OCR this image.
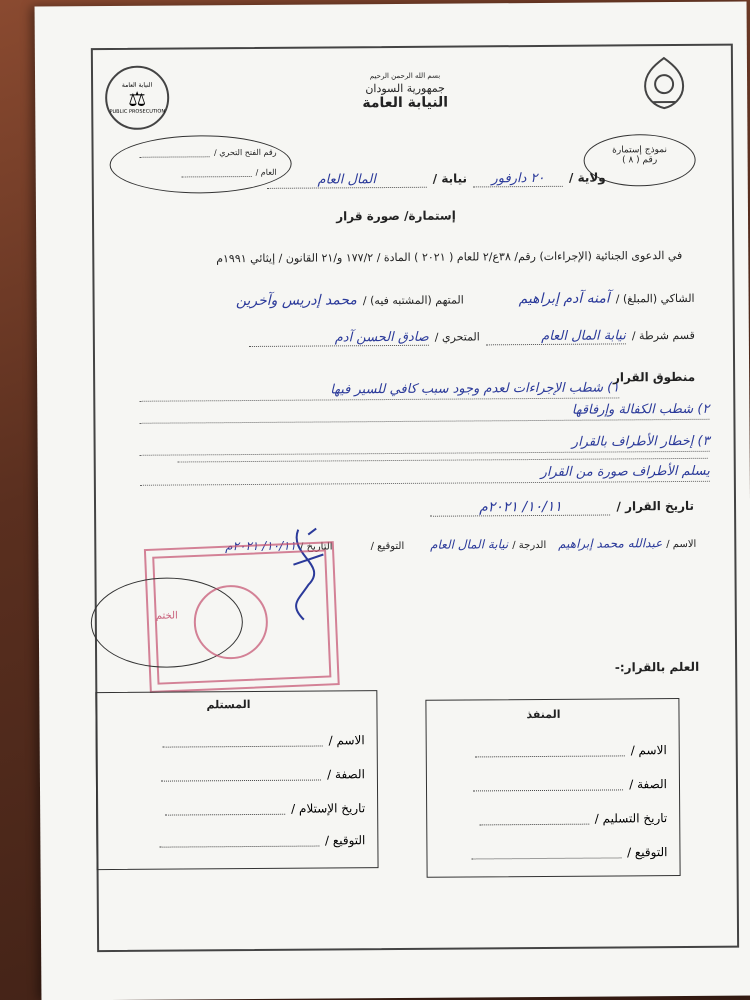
النيابة العامة
⚖
PUBLIC PROSECUTION
بسم الله الرحمن الرحيم
جمهورية السودان
النيابة العامة
رقم الفتح التحري /
العام /
نموذج إستمارة
رقم ( ٨ )
ولاية /
٢٠ دارفور
نيابة /
المال العام
إستمارة/ صورة قرار
في الدعوى الجنائية (الإجراءات) رقم/ ٣٨ع/٢ للعام ( ٢٠٢١ ) المادة / ١٧٧/٢ و/٢١ القانون / إيثائي ١٩٩١م
الشاكي (المبلغ) /
آمنه آدم إبراهيم
المتهم (المشتبه فيه) /
محمد إدريس وآخرين
قسم شرطة /
نيابة المال العام
المتحري /
صادق الحسن آدم
منطوق القرار
١) شطب الإجراءات لعدم وجود سبب كافي للسير فيها
٢) شطب الكفالة وإرفاقها
٣) إخطار الأطراف بالقرار
يسلم الأطراف صورة من القرار
تاريخ القرار /
١٠/١١/ ٢٠٢١م
الاسم /
عبدالله محمد إبراهيم
الدرجة /
نيابة المال العام
التوقيع /
التاريخ /
١٠/١١/ ٢٠٢١م
الختم
العلم بالقرار:-
المستلم
الاسم /
الصفة /
تاريخ الإستلام /
التوقيع /
المنفذ
الاسم /
الصفة /
تاريخ التسليم /
التوقيع /
